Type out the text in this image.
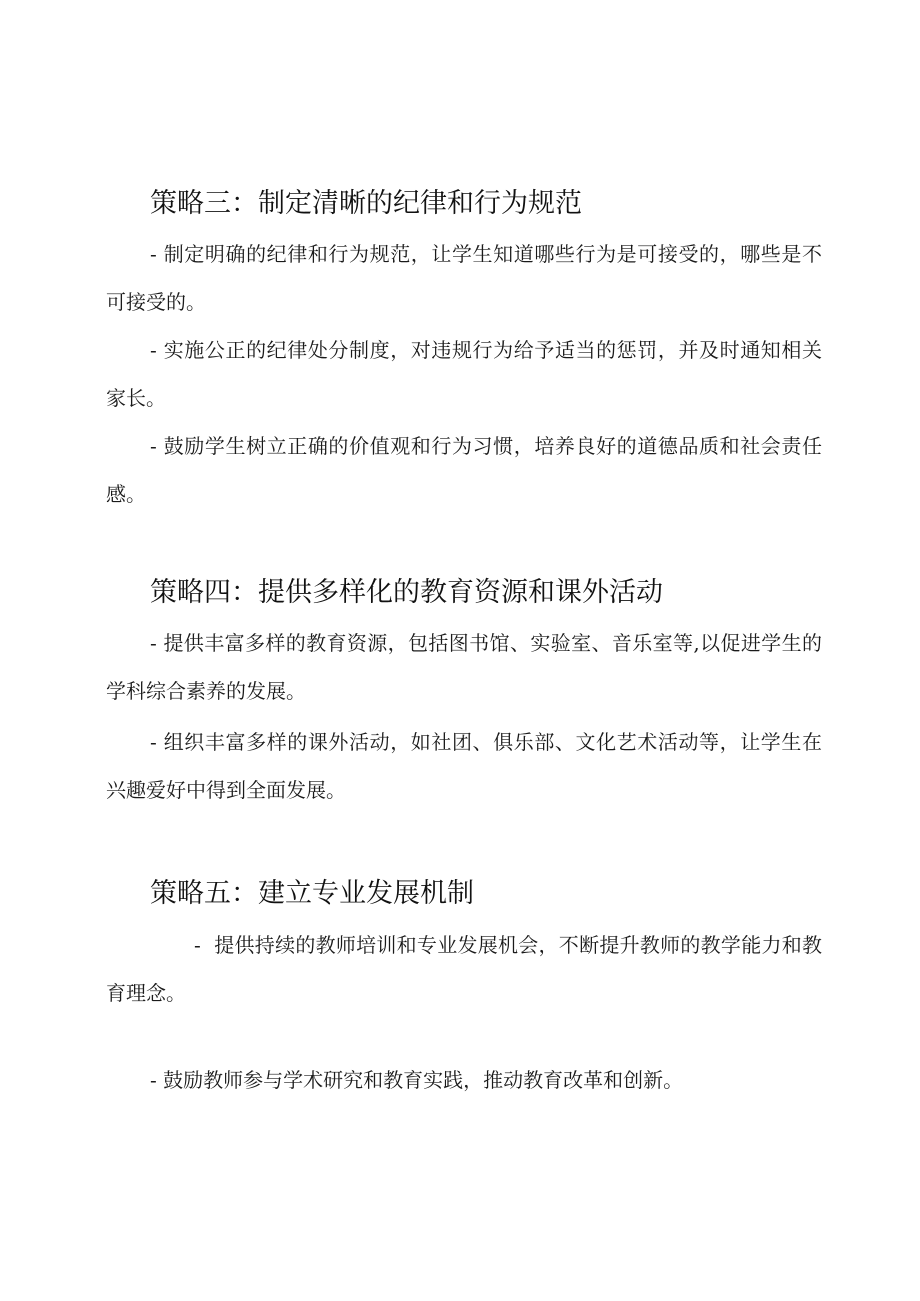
策略三：制定清晰的纪律和行为规范

- 制定明确的纪律和行为规范，让学生知道哪些行为是可接受的，哪些是不可接受的。

- 实施公正的纪律处分制度，对违规行为给予适当的惩罚，并及时通知相关家长。

- 鼓励学生树立正确的价值观和行为习惯，培养良好的道德品质和社会责任感。

策略四：提供多样化的教育资源和课外活动

- 提供丰富多样的教育资源，包括图书馆、实验室、音乐室等,以促进学生的学科综合素养的发展。

- 组织丰富多样的课外活动，如社团、俱乐部、文化艺术活动等，让学生在兴趣爱好中得到全面发展。

策略五：建立专业发展机制

- 提供持续的教师培训和专业发展机会，不断提升教师的教学能力和教育理念。

- 鼓励教师参与学术研究和教育实践，推动教育改革和创新。
